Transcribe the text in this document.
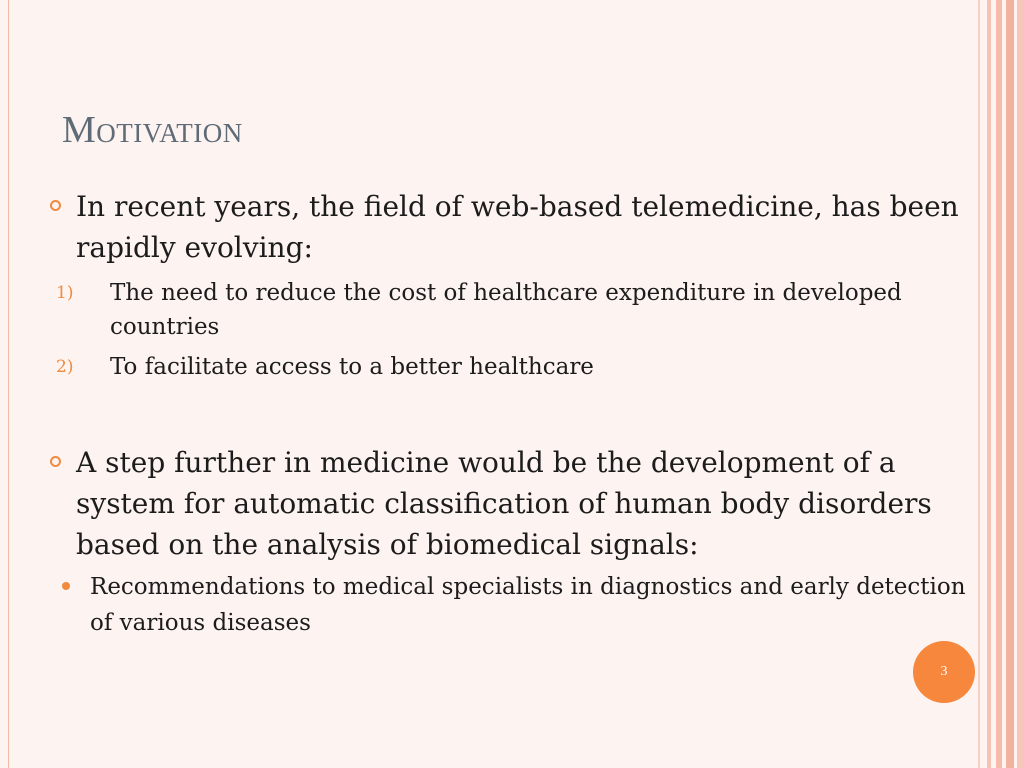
Motivation
In recent years, the field of web-based telemedicine, has been rapidly evolving:
1) The need to reduce the cost of healthcare expenditure in developed countries
2) To facilitate access to a better healthcare
A step further in medicine would be the development of a system for automatic classification of human body disorders based on the analysis of biomedical signals:
Recommendations to medical specialists in diagnostics and early detection of various diseases
3
